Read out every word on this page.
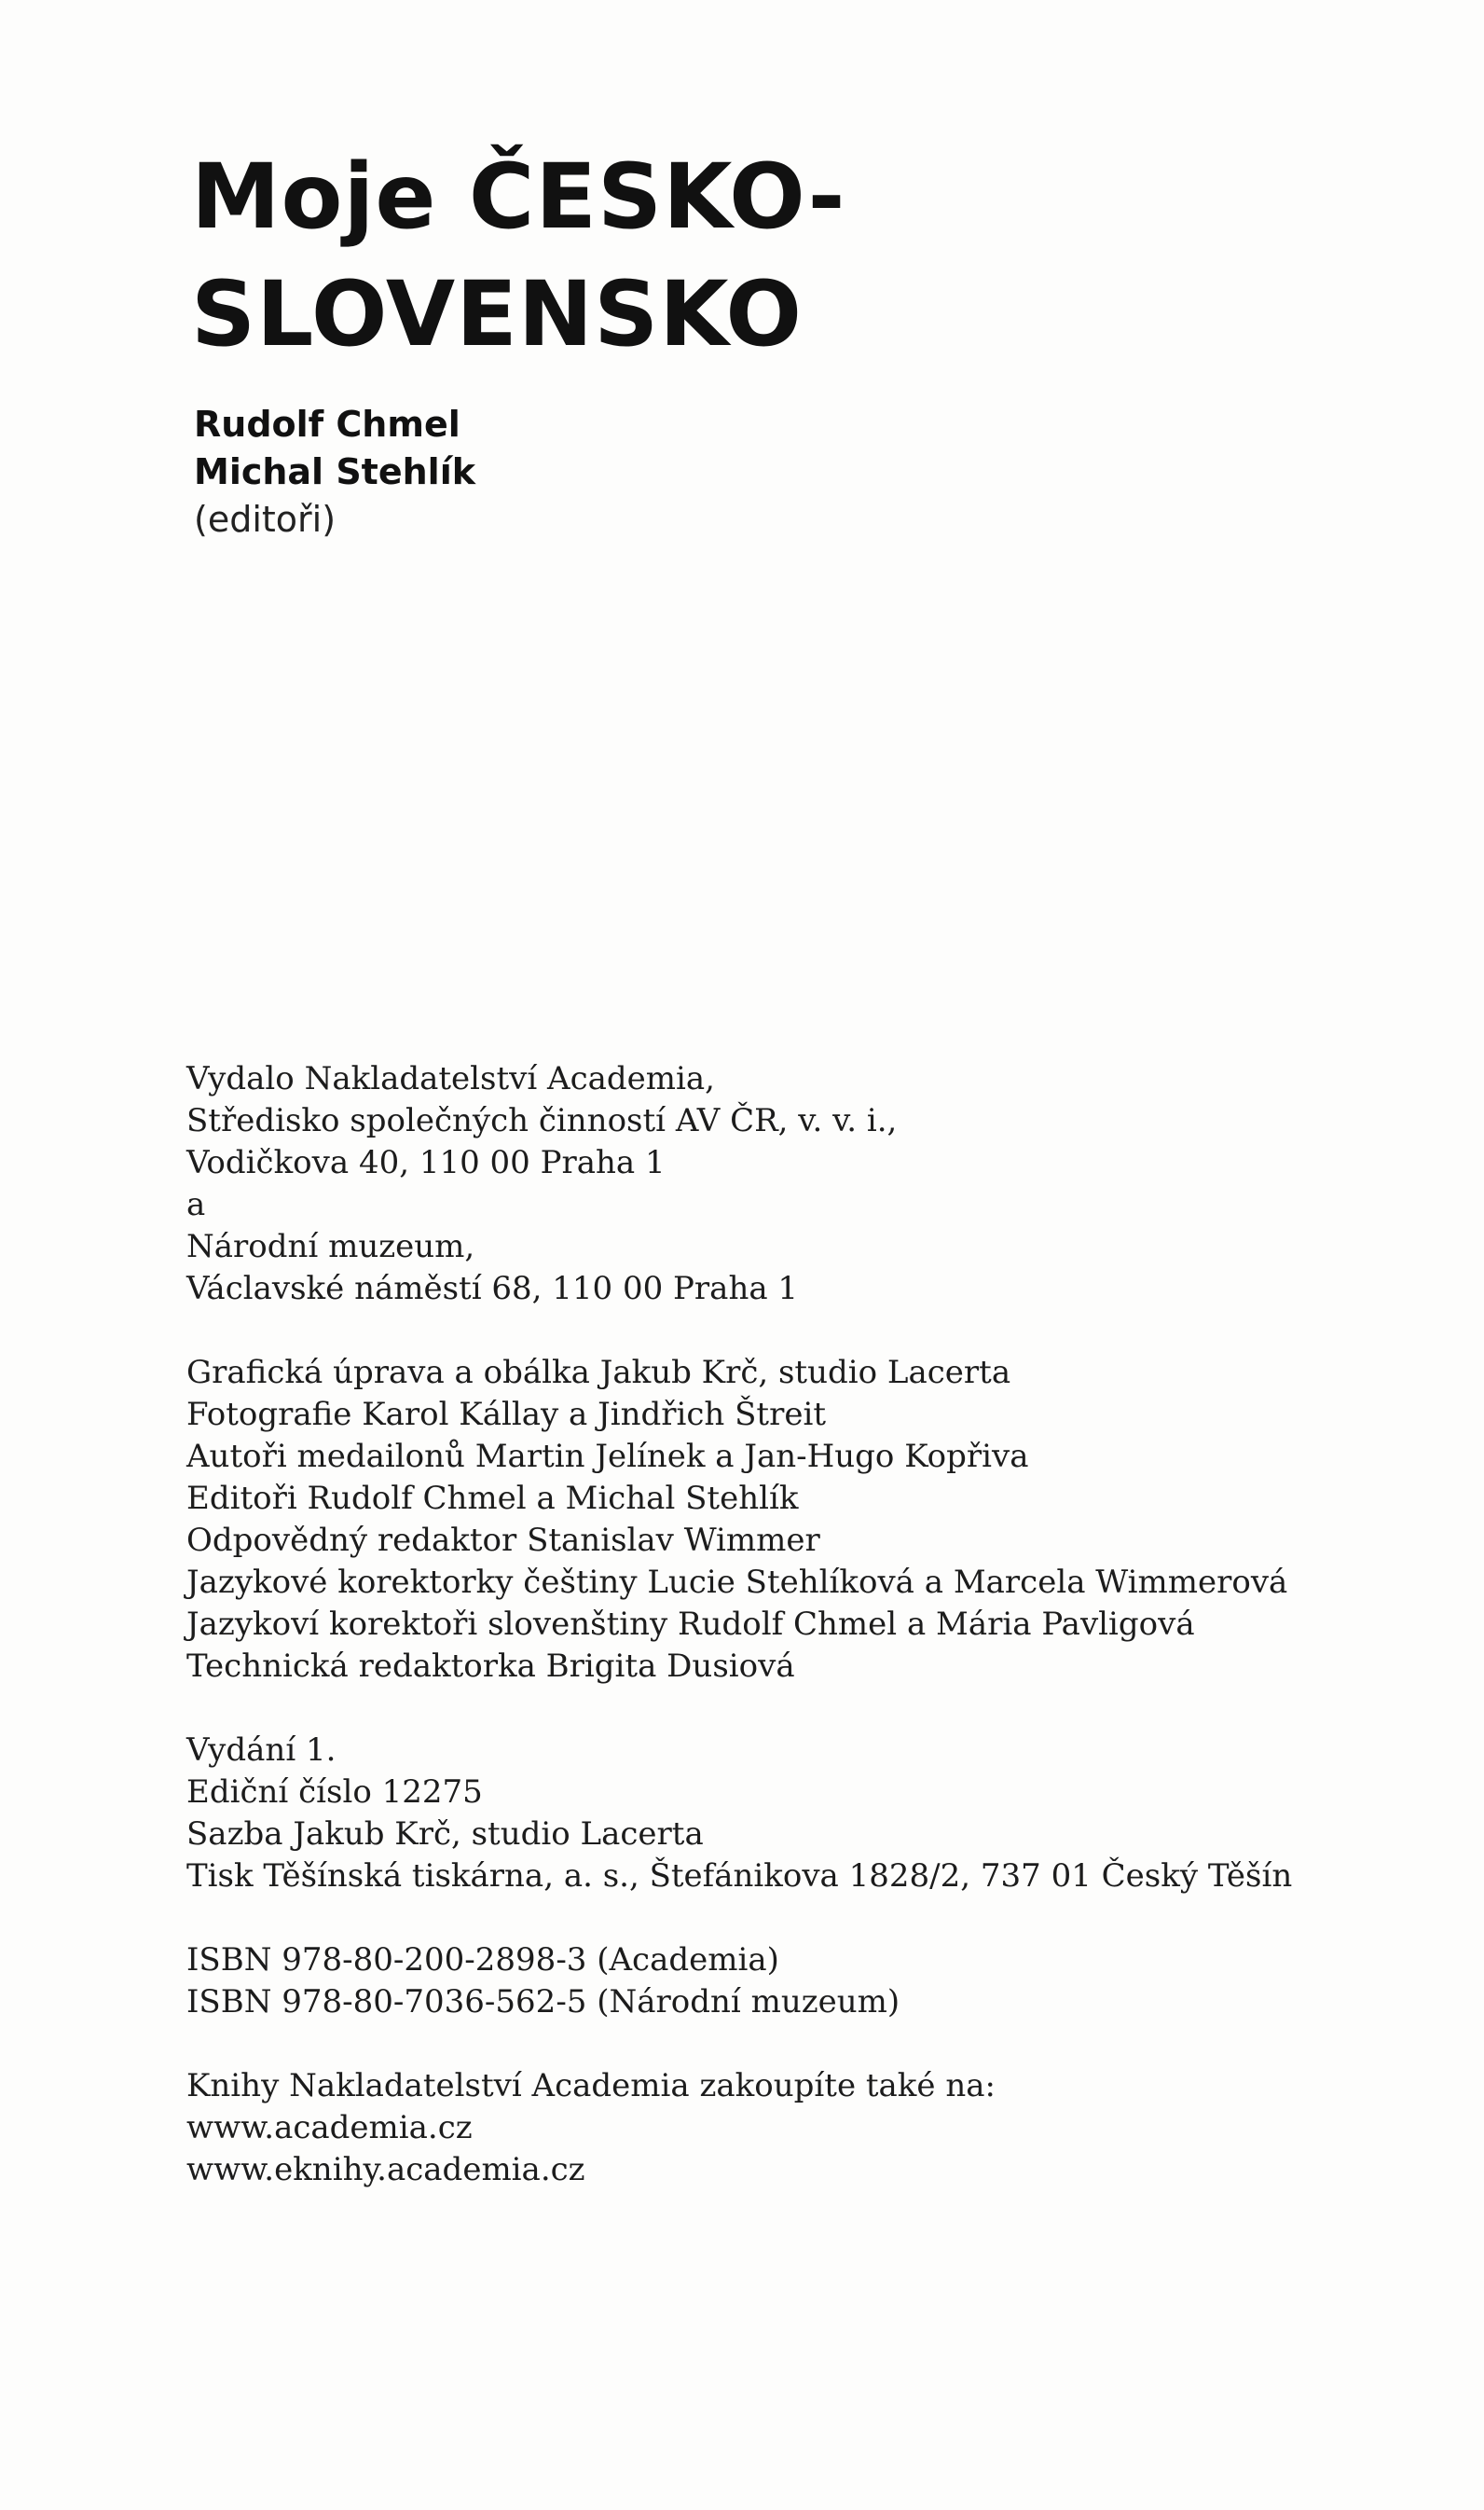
Moje ČESKO-
SLOVENSKO
Rudolf Chmel
Michal Stehlík
(editoři)
Vydalo Nakladatelství Academia,
Středisko společných činností AV ČR, v. v. i.,
Vodičkova 40, 110 00 Praha 1
a
Národní muzeum,
Václavské náměstí 68, 110 00 Praha 1
Grafická úprava a obálka Jakub Krč, studio Lacerta
Fotografie Karol Kállay a Jindřich Štreit
Autoři medailonů Martin Jelínek a Jan-Hugo Kopřiva
Editoři Rudolf Chmel a Michal Stehlík
Odpovědný redaktor Stanislav Wimmer
Jazykové korektorky češtiny Lucie Stehlíková a Marcela Wimmerová
Jazykoví korektoři slovenštiny Rudolf Chmel a Mária Pavligová
Technická redaktorka Brigita Dusiová
Vydání 1.
Ediční číslo 12275
Sazba Jakub Krč, studio Lacerta
Tisk Těšínská tiskárna, a. s., Štefánikova 1828/2, 737 01 Český Těšín
ISBN 978-80-200-2898-3 (Academia)
ISBN 978-80-7036-562-5 (Národní muzeum)
Knihy Nakladatelství Academia zakoupíte také na:
www.academia.cz
www.eknihy.academia.cz
